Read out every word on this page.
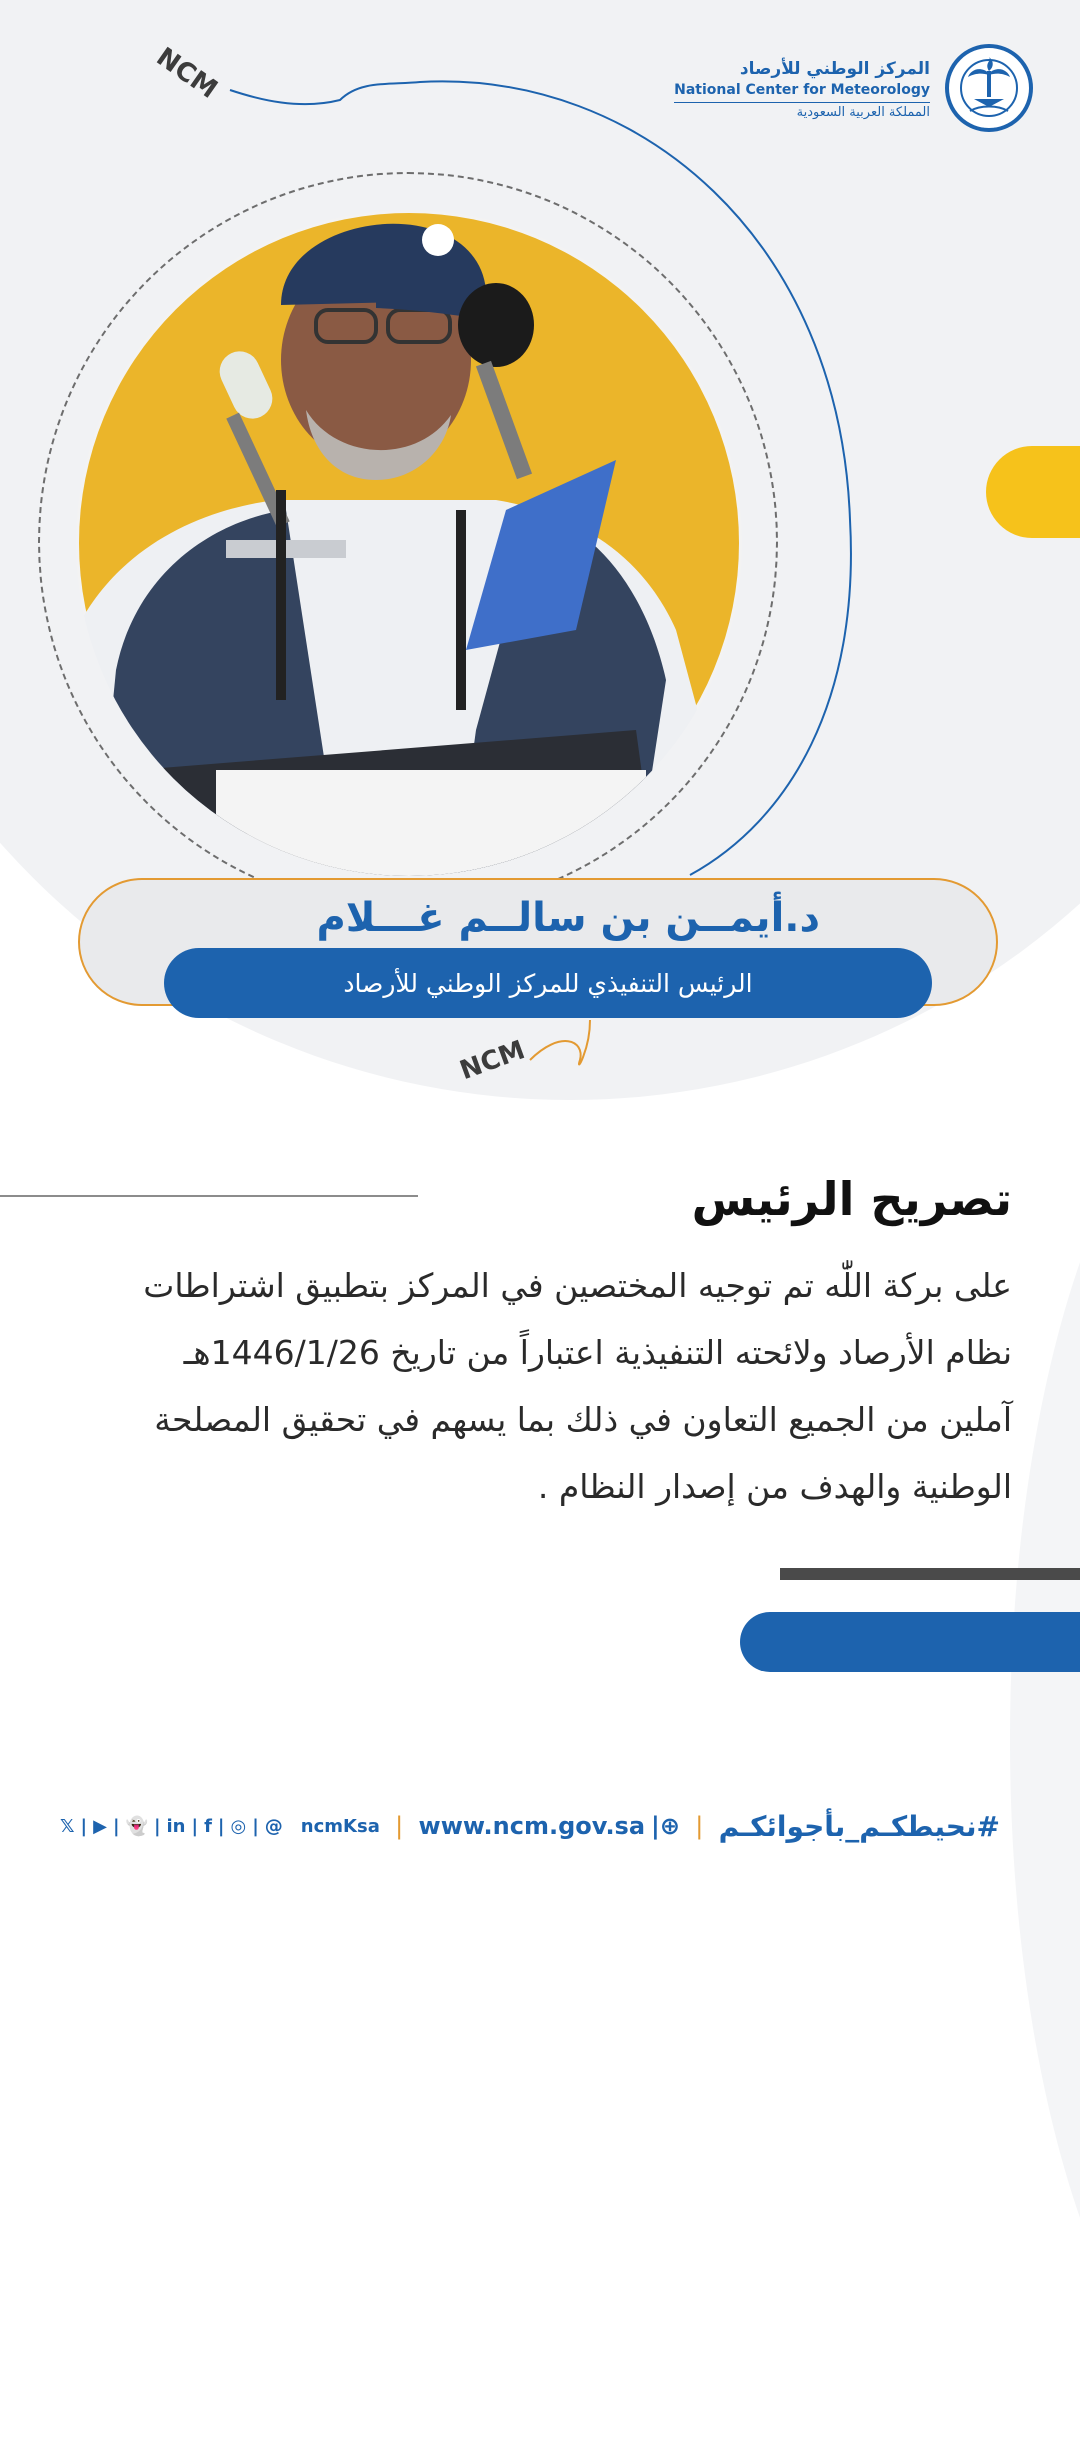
المركز الوطني للأرصاد
National Center for Meteorology
المملكة العربية السعودية
NCM
NCM
د.أيمــن بن سالــم غـــلام
الرئيس التنفيذي للمركز الوطني للأرصاد
تصريح الرئيس
على بركة اللّٰه تم توجيه المختصين في المركز بتطبيق اشتراطات
نظام الأرصاد ولائحته التنفيذية اعتباراً من تاريخ 1446/1/26هـ
آملين من الجميع التعاون في ذلك بما يسهم في تحقيق المصلحة
الوطنية والهدف من إصدار النظام .
𝕏 | ▶ | 👻 | in | f | ◎ | @ ncmKsa | www.ncm.gov.sa |⊕ | #نحيطكـم_بأجوائكـم
